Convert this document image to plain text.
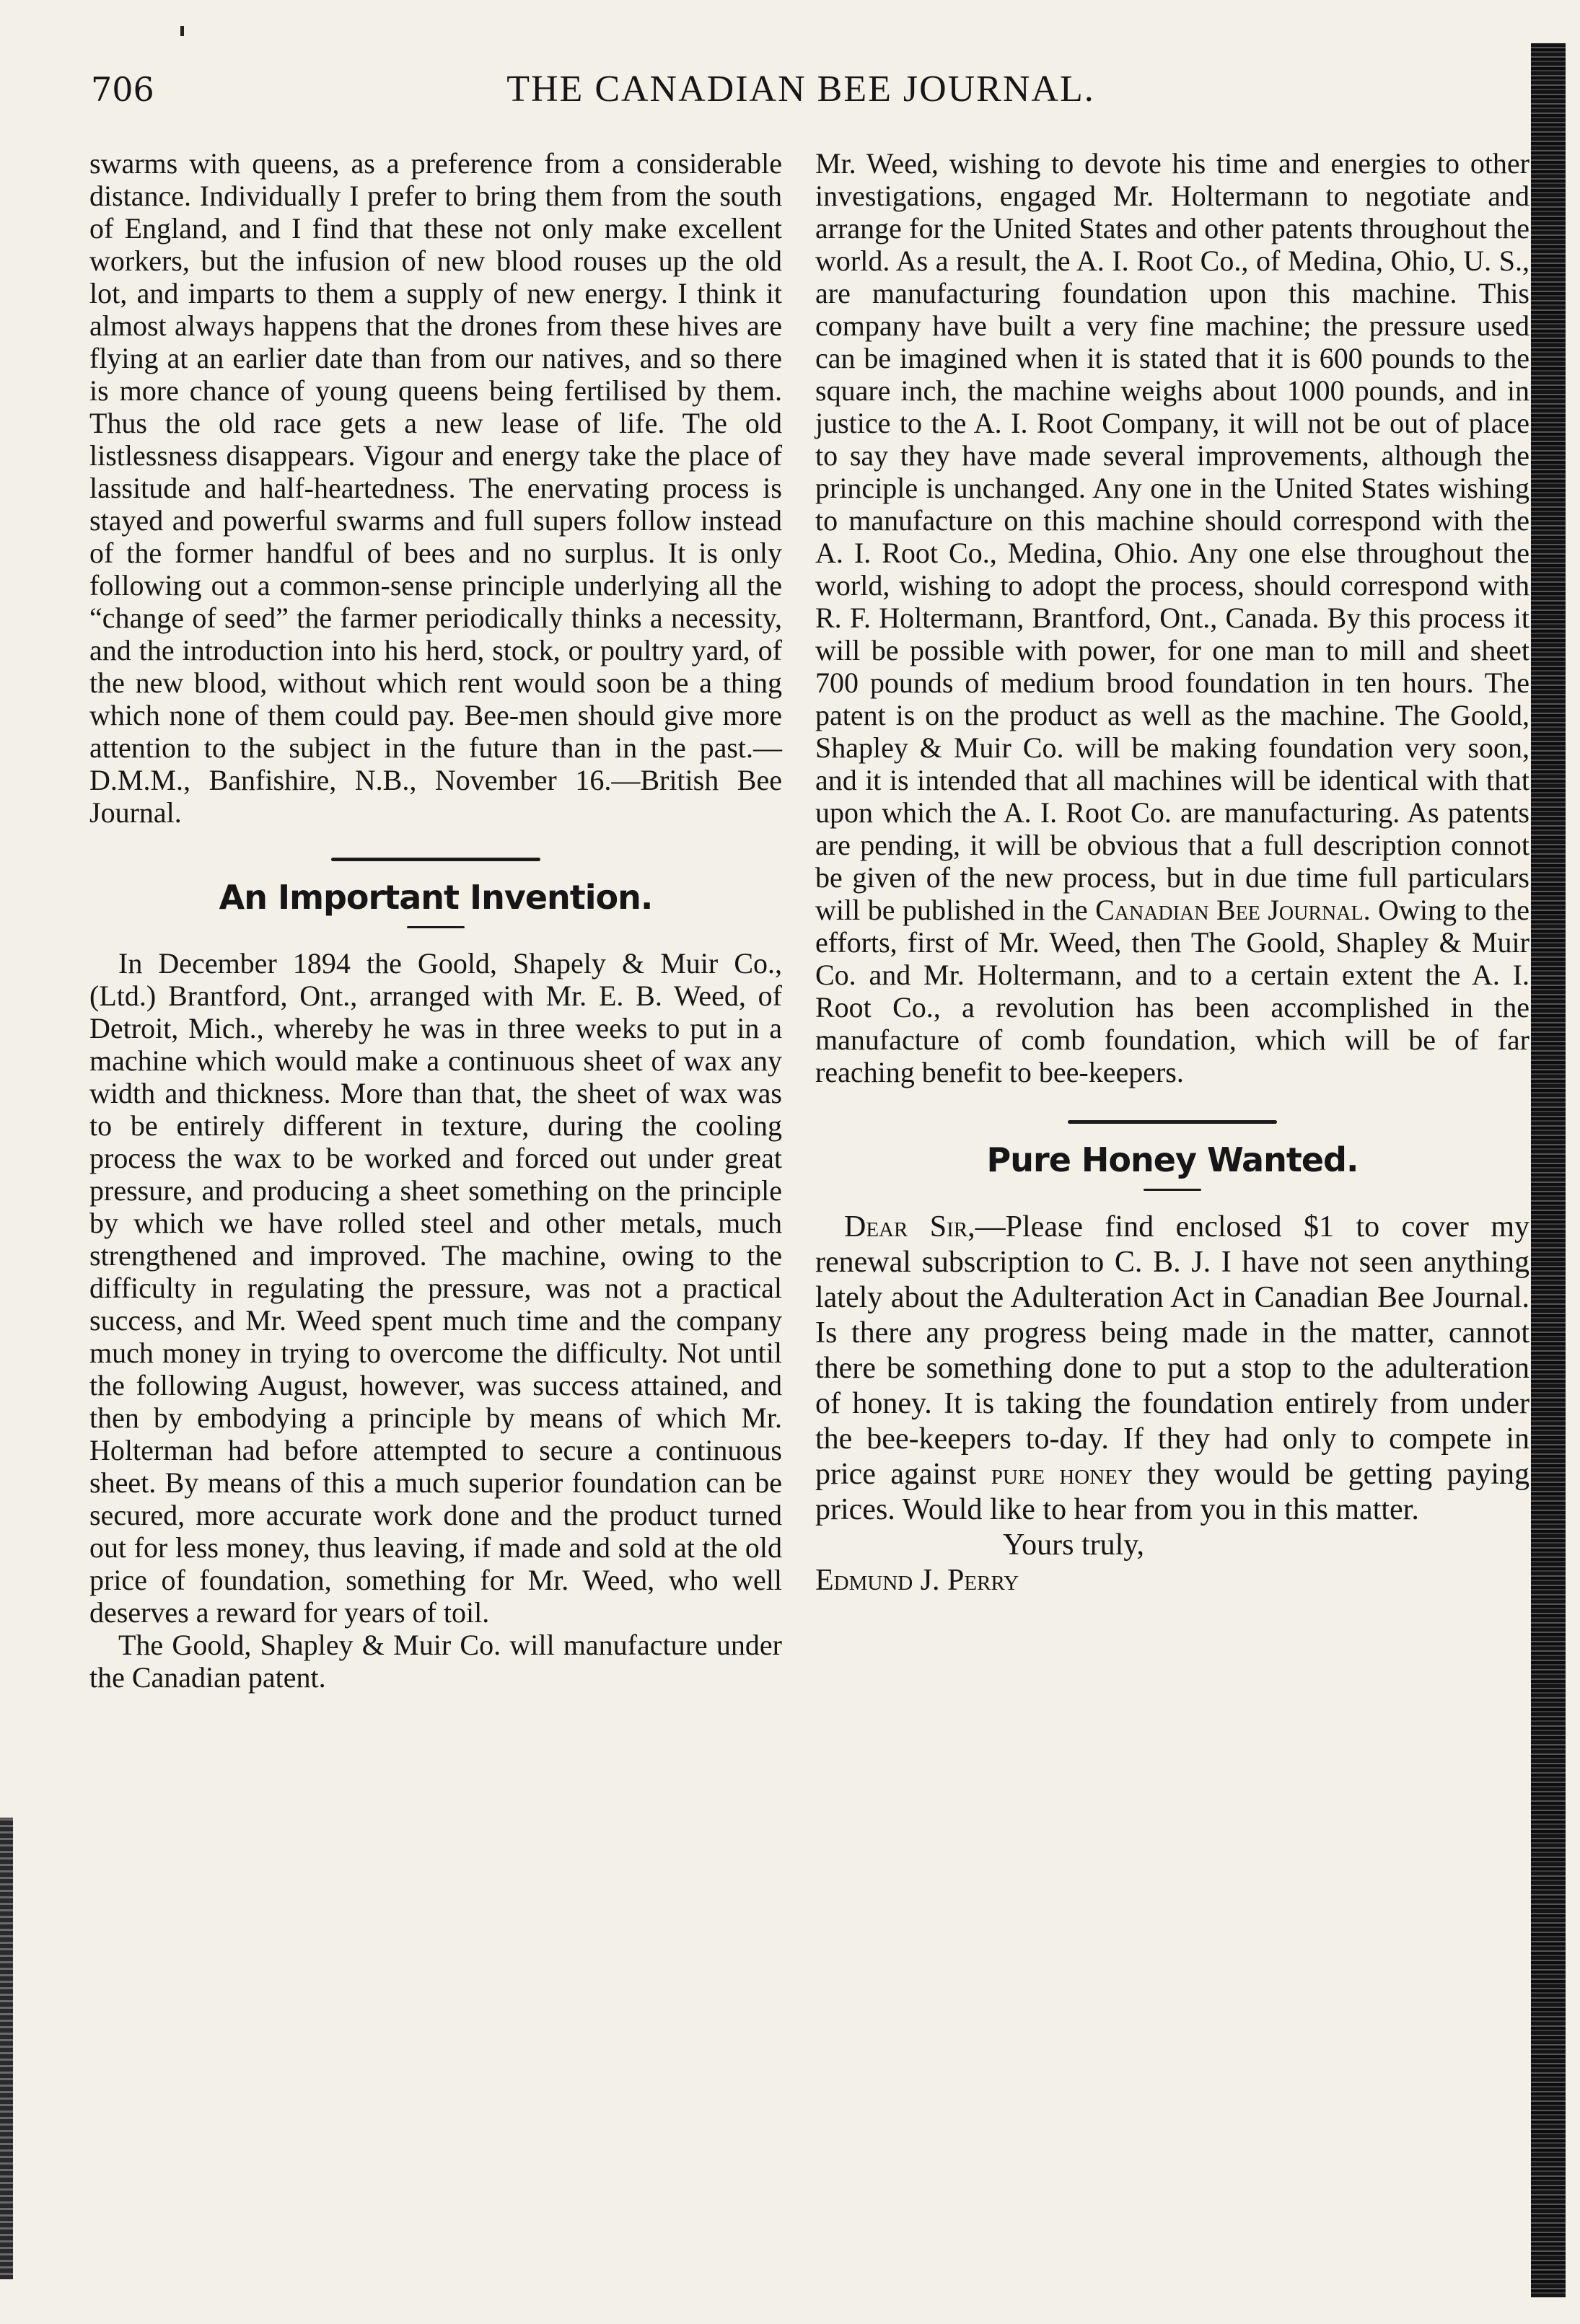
706	THE CANADIAN BEE JOURNAL.

swarms with queens, as a preference from a considerable distance. Individually I prefer to bring them from the south of England, and I find that these not only make excellent workers, but the infusion of new blood rouses up the old lot, and imparts to them a supply of new energy. I think it almost always happens that the drones from these hives are flying at an earlier date than from our natives, and so there is more chance of young queens being fertilised by them. Thus the old race gets a new lease of life. The old listlessness disappears. Vigour and energy take the place of lassitude and half-heartedness. The enervating process is stayed and powerful swarms and full supers follow instead of the former handful of bees and no surplus. It is only following out a common-sense principle underlying all the “change of seed” the farmer periodically thinks a necessity, and the introduction into his herd, stock, or poultry yard, of the new blood, without which rent would soon be a thing which none of them could pay. Bee-men should give more attention to the subject in the future than in the past.—D.M.M., Banfishire, N.B., November 16.—British Bee Journal.

An Important Invention.

In December 1894 the Goold, Shapely & Muir Co., (Ltd.) Brantford, Ont., arranged with Mr. E. B. Weed, of Detroit, Mich., whereby he was in three weeks to put in a machine which would make a continuous sheet of wax any width and thickness. More than that, the sheet of wax was to be entirely different in texture, during the cooling process the wax to be worked and forced out under great pressure, and producing a sheet something on the principle by which we have rolled steel and other metals, much strengthened and improved. The machine, owing to the difficulty in regulating the pressure, was not a practical success, and Mr. Weed spent much time and the company much money in trying to overcome the difficulty. Not until the following August, however, was success attained, and then by embodying a principle by means of which Mr. Holterman had before attempted to secure a continuous sheet. By means of this a much superior foundation can be secured, more accurate work done and the product turned out for less money, thus leaving, if made and sold at the old price of foundation, something for Mr. Weed, who well deserves a reward for years of toil.

The Goold, Shapley & Muir Co. will manufacture under the Canadian patent.

Mr. Weed, wishing to devote his time and energies to other investigations, engaged Mr. Holtermann to negotiate and arrange for the United States and other patents throughout the world. As a result, the A. I. Root Co., of Medina, Ohio, U. S., are manufacturing foundation upon this machine. This company have built a very fine machine; the pressure used can be imagined when it is stated that it is 600 pounds to the square inch, the machine weighs about 1000 pounds, and in justice to the A. I. Root Company, it will not be out of place to say they have made several improvements, although the principle is unchanged. Any one in the United States wishing to manufacture on this machine should correspond with the A. I. Root Co., Medina, Ohio. Any one else throughout the world, wishing to adopt the process, should correspond with R. F. Holtermann, Brantford, Ont., Canada. By this process it will be possible with power, for one man to mill and sheet 700 pounds of medium brood foundation in ten hours. The patent is on the product as well as the machine. The Goold, Shapley & Muir Co. will be making foundation very soon, and it is intended that all machines will be identical with that upon which the A. I. Root Co. are manufacturing. As patents are pending, it will be obvious that a full description connot be given of the new process, but in due time full particulars will be published in the Canadian Bee Journal. Owing to the efforts, first of Mr. Weed, then The Goold, Shapley & Muir Co. and Mr. Holtermann, and to a certain extent the A. I. Root Co., a revolution has been accomplished in the manufacture of comb foundation, which will be of far reaching benefit to bee-keepers.

Pure Honey Wanted.

Dear Sir,—Please find enclosed $1 to cover my renewal subscription to C. B. J. I have not seen anything lately about the Adulteration Act in Canadian Bee Journal. Is there any progress being made in the matter, cannot there be something done to put a stop to the adulteration of honey. It is taking the foundation entirely from under the bee-keepers to-day. If they had only to compete in price against pure honey they would be getting paying prices. Would like to hear from you in this matter.

Yours truly,

Edmund J. Perry
